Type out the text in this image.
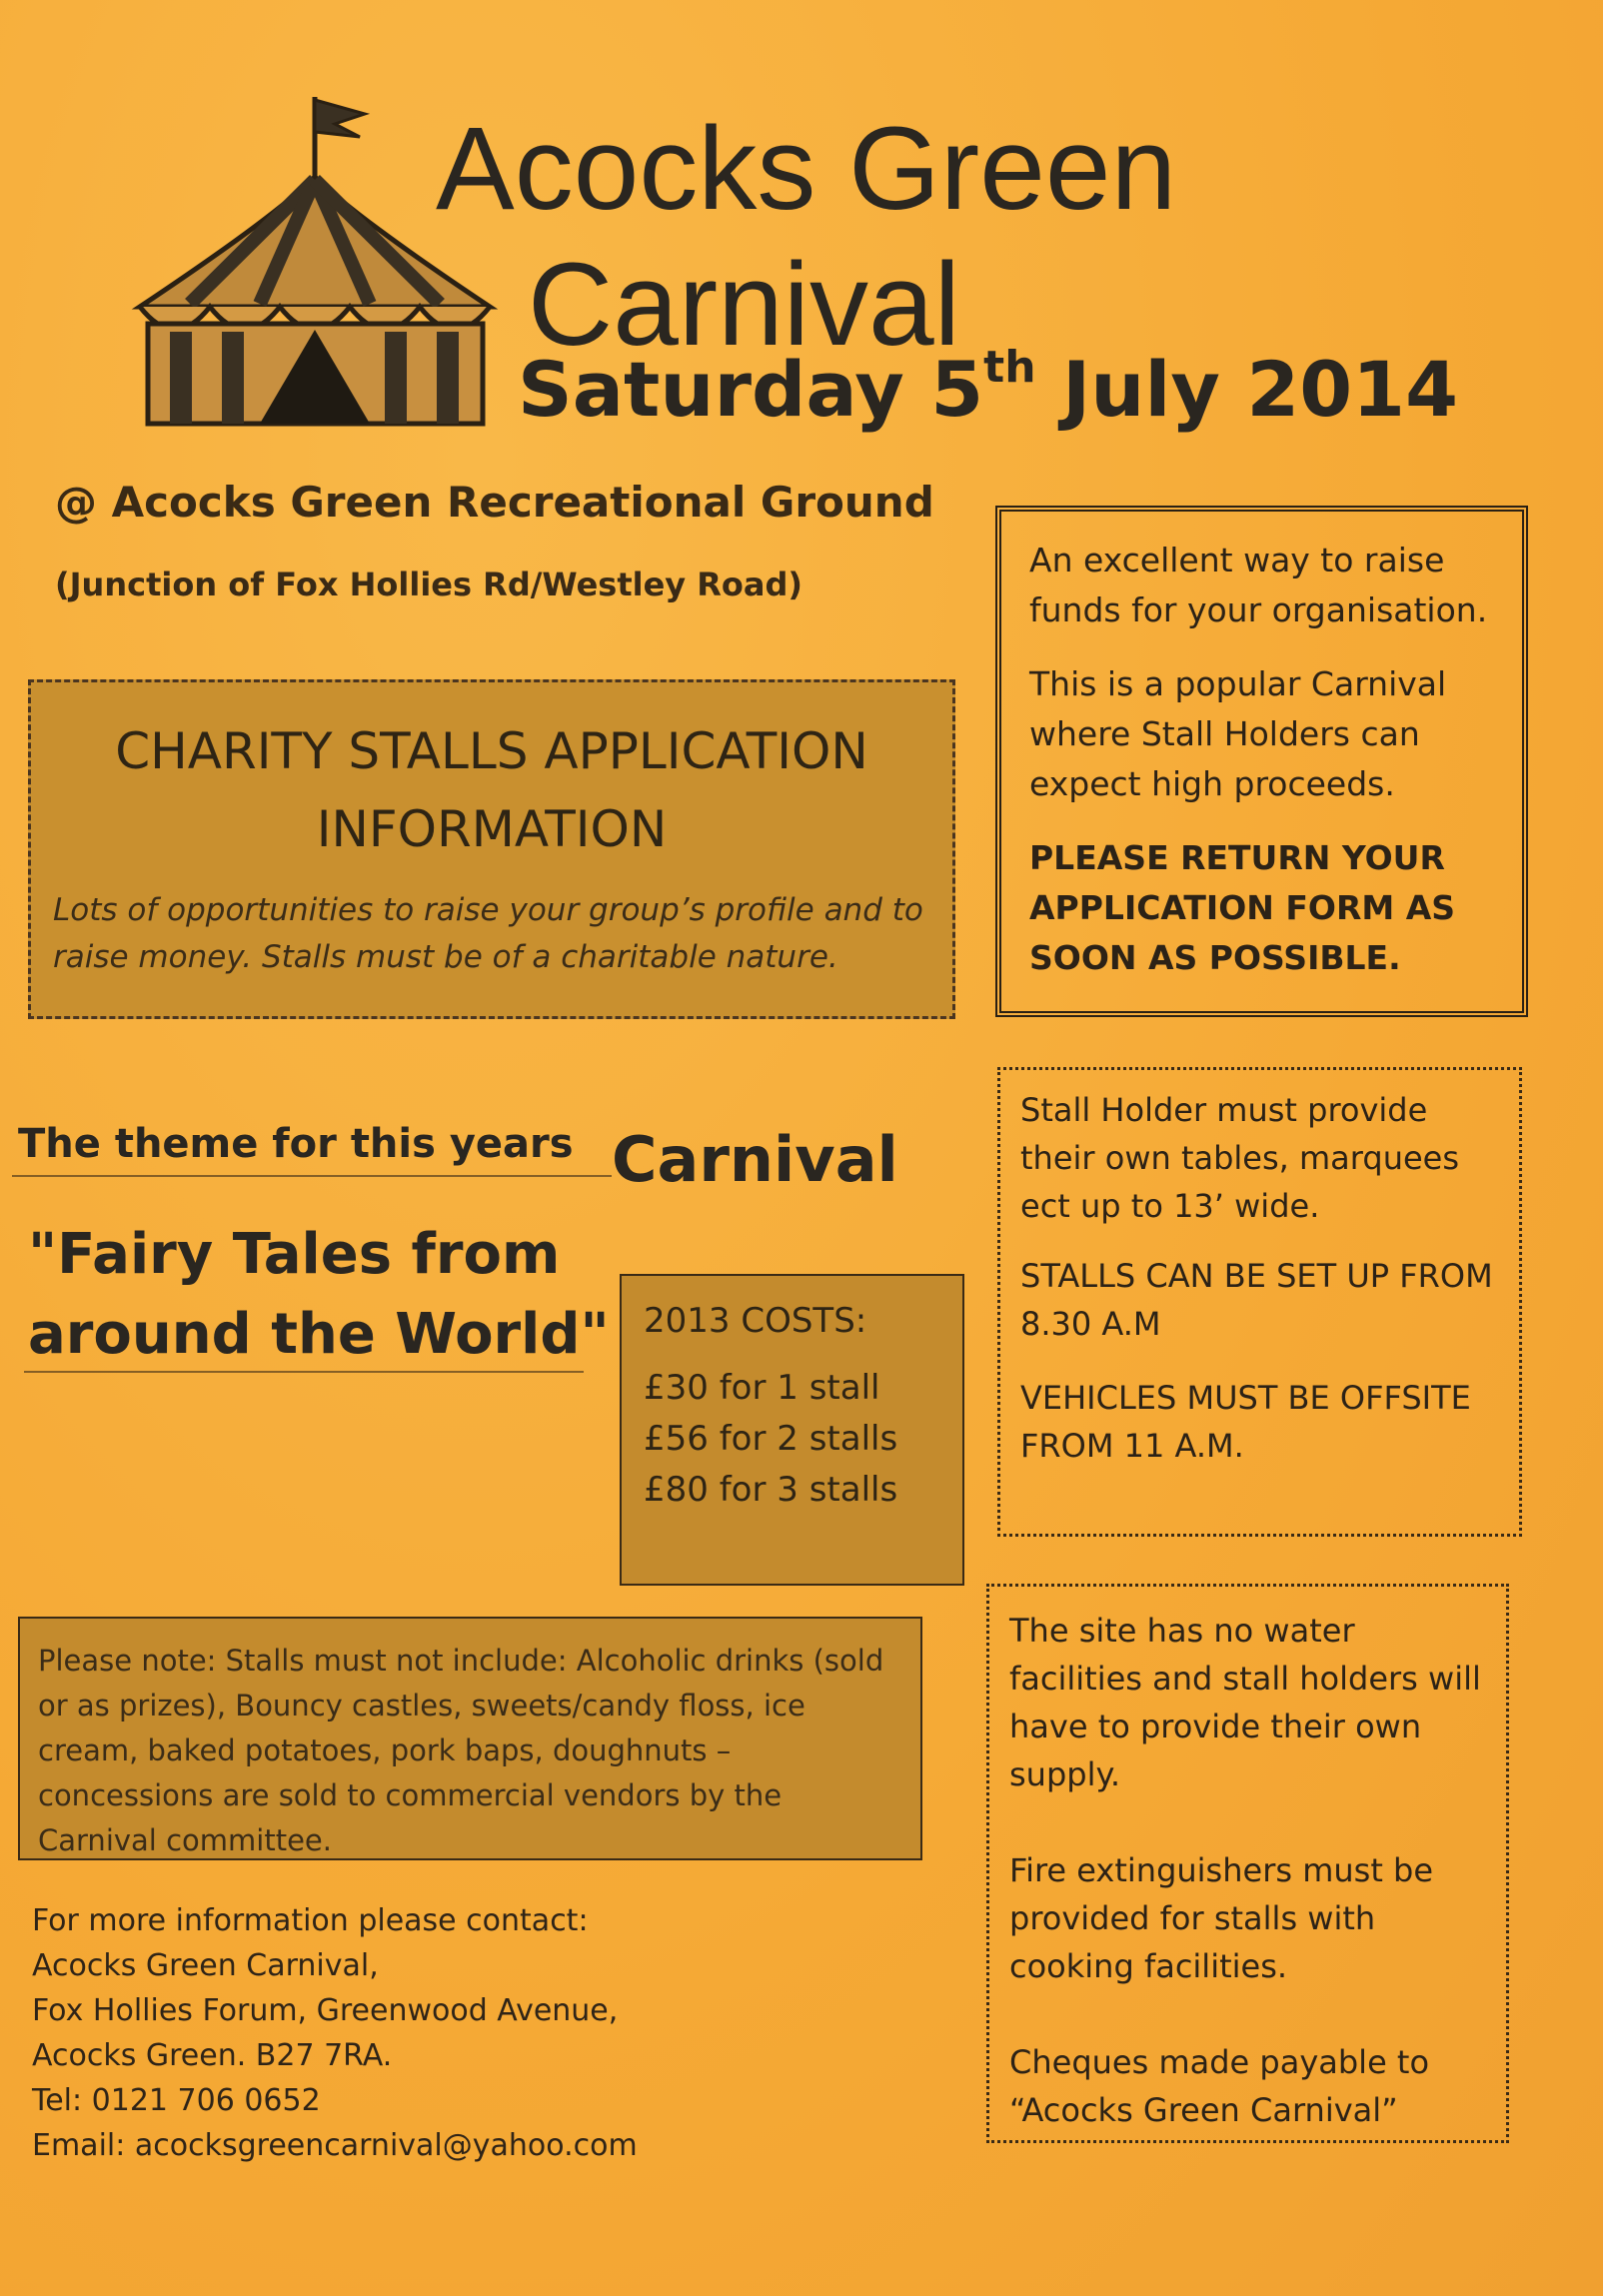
Acocks Green
Carnival
Saturday 5th July 2014
@ Acocks Green Recreational Ground
(Junction of Fox Hollies Rd/Westley Road)
CHARITY STALLS APPLICATION
INFORMATION
Lots of opportunities to raise your group’s profile and to raise money. Stalls must be of a charitable nature.

An excellent way to raise funds for your organisation.

This is a popular Carnival where Stall Holders can expect high proceeds.

PLEASE RETURN YOUR APPLICATION FORM AS SOON AS POSSIBLE.

The theme for this years Carnival
"Fairy Tales from
around the World" 2013 COSTS:
£30 for 1 stall
£56 for 2 stalls
£80 for 3 stalls

Stall Holder must provide their own tables, marquees ect up to 13’ wide.

STALLS CAN BE SET UP FROM 8.30 A.M

VEHICLES MUST BE OFFSITE FROM 11 A.M.

Please note: Stalls must not include: Alcoholic drinks (sold or as prizes), Bouncy castles, sweets/candy floss, ice cream, baked potatoes, pork baps, doughnuts – concessions are sold to commercial vendors by the Carnival committee.

For more information please contact:
Acocks Green Carnival,
Fox Hollies Forum, Greenwood Avenue,
Acocks Green. B27 7RA.
Tel: 0121 706 0652
Email: acocksgreencarnival@yahoo.com

The site has no water facilities and stall holders will have to provide their own supply.

Fire extinguishers must be provided for stalls with cooking facilities.

Cheques made payable to “Acocks Green Carnival”
